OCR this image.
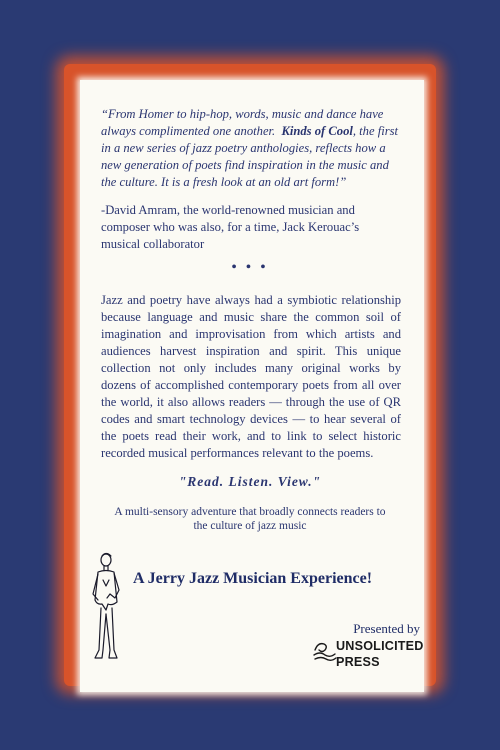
“From Homer to hip-hop, words, music and dance have always complimented one another. Kinds of Cool, the first in a new series of jazz poetry anthologies, reflects how a new generation of poets find inspiration in the music and the culture. It is a fresh look at an old art form!”

-David Amram, the world-renowned musician and composer who was also, for a time, Jack Kerouac’s musical collaborator

• • •

Jazz and poetry have always had a symbiotic relationship because language and music share the common soil of imagination and improvisation from which artists and audiences harvest inspiration and spirit. This unique collection not only includes many original works by dozens of accomplished contemporary poets from all over the world, it also allows readers — through the use of QR codes and smart technology devices — to hear several of the poets read their work, and to link to select historic recorded musical performances relevant to the poems.

"Read. Listen. View."

A multi-sensory adventure that broadly connects readers to the culture of jazz music

A Jerry Jazz Musician Experience!

Presented by

UNSOLICITED
PRESS
